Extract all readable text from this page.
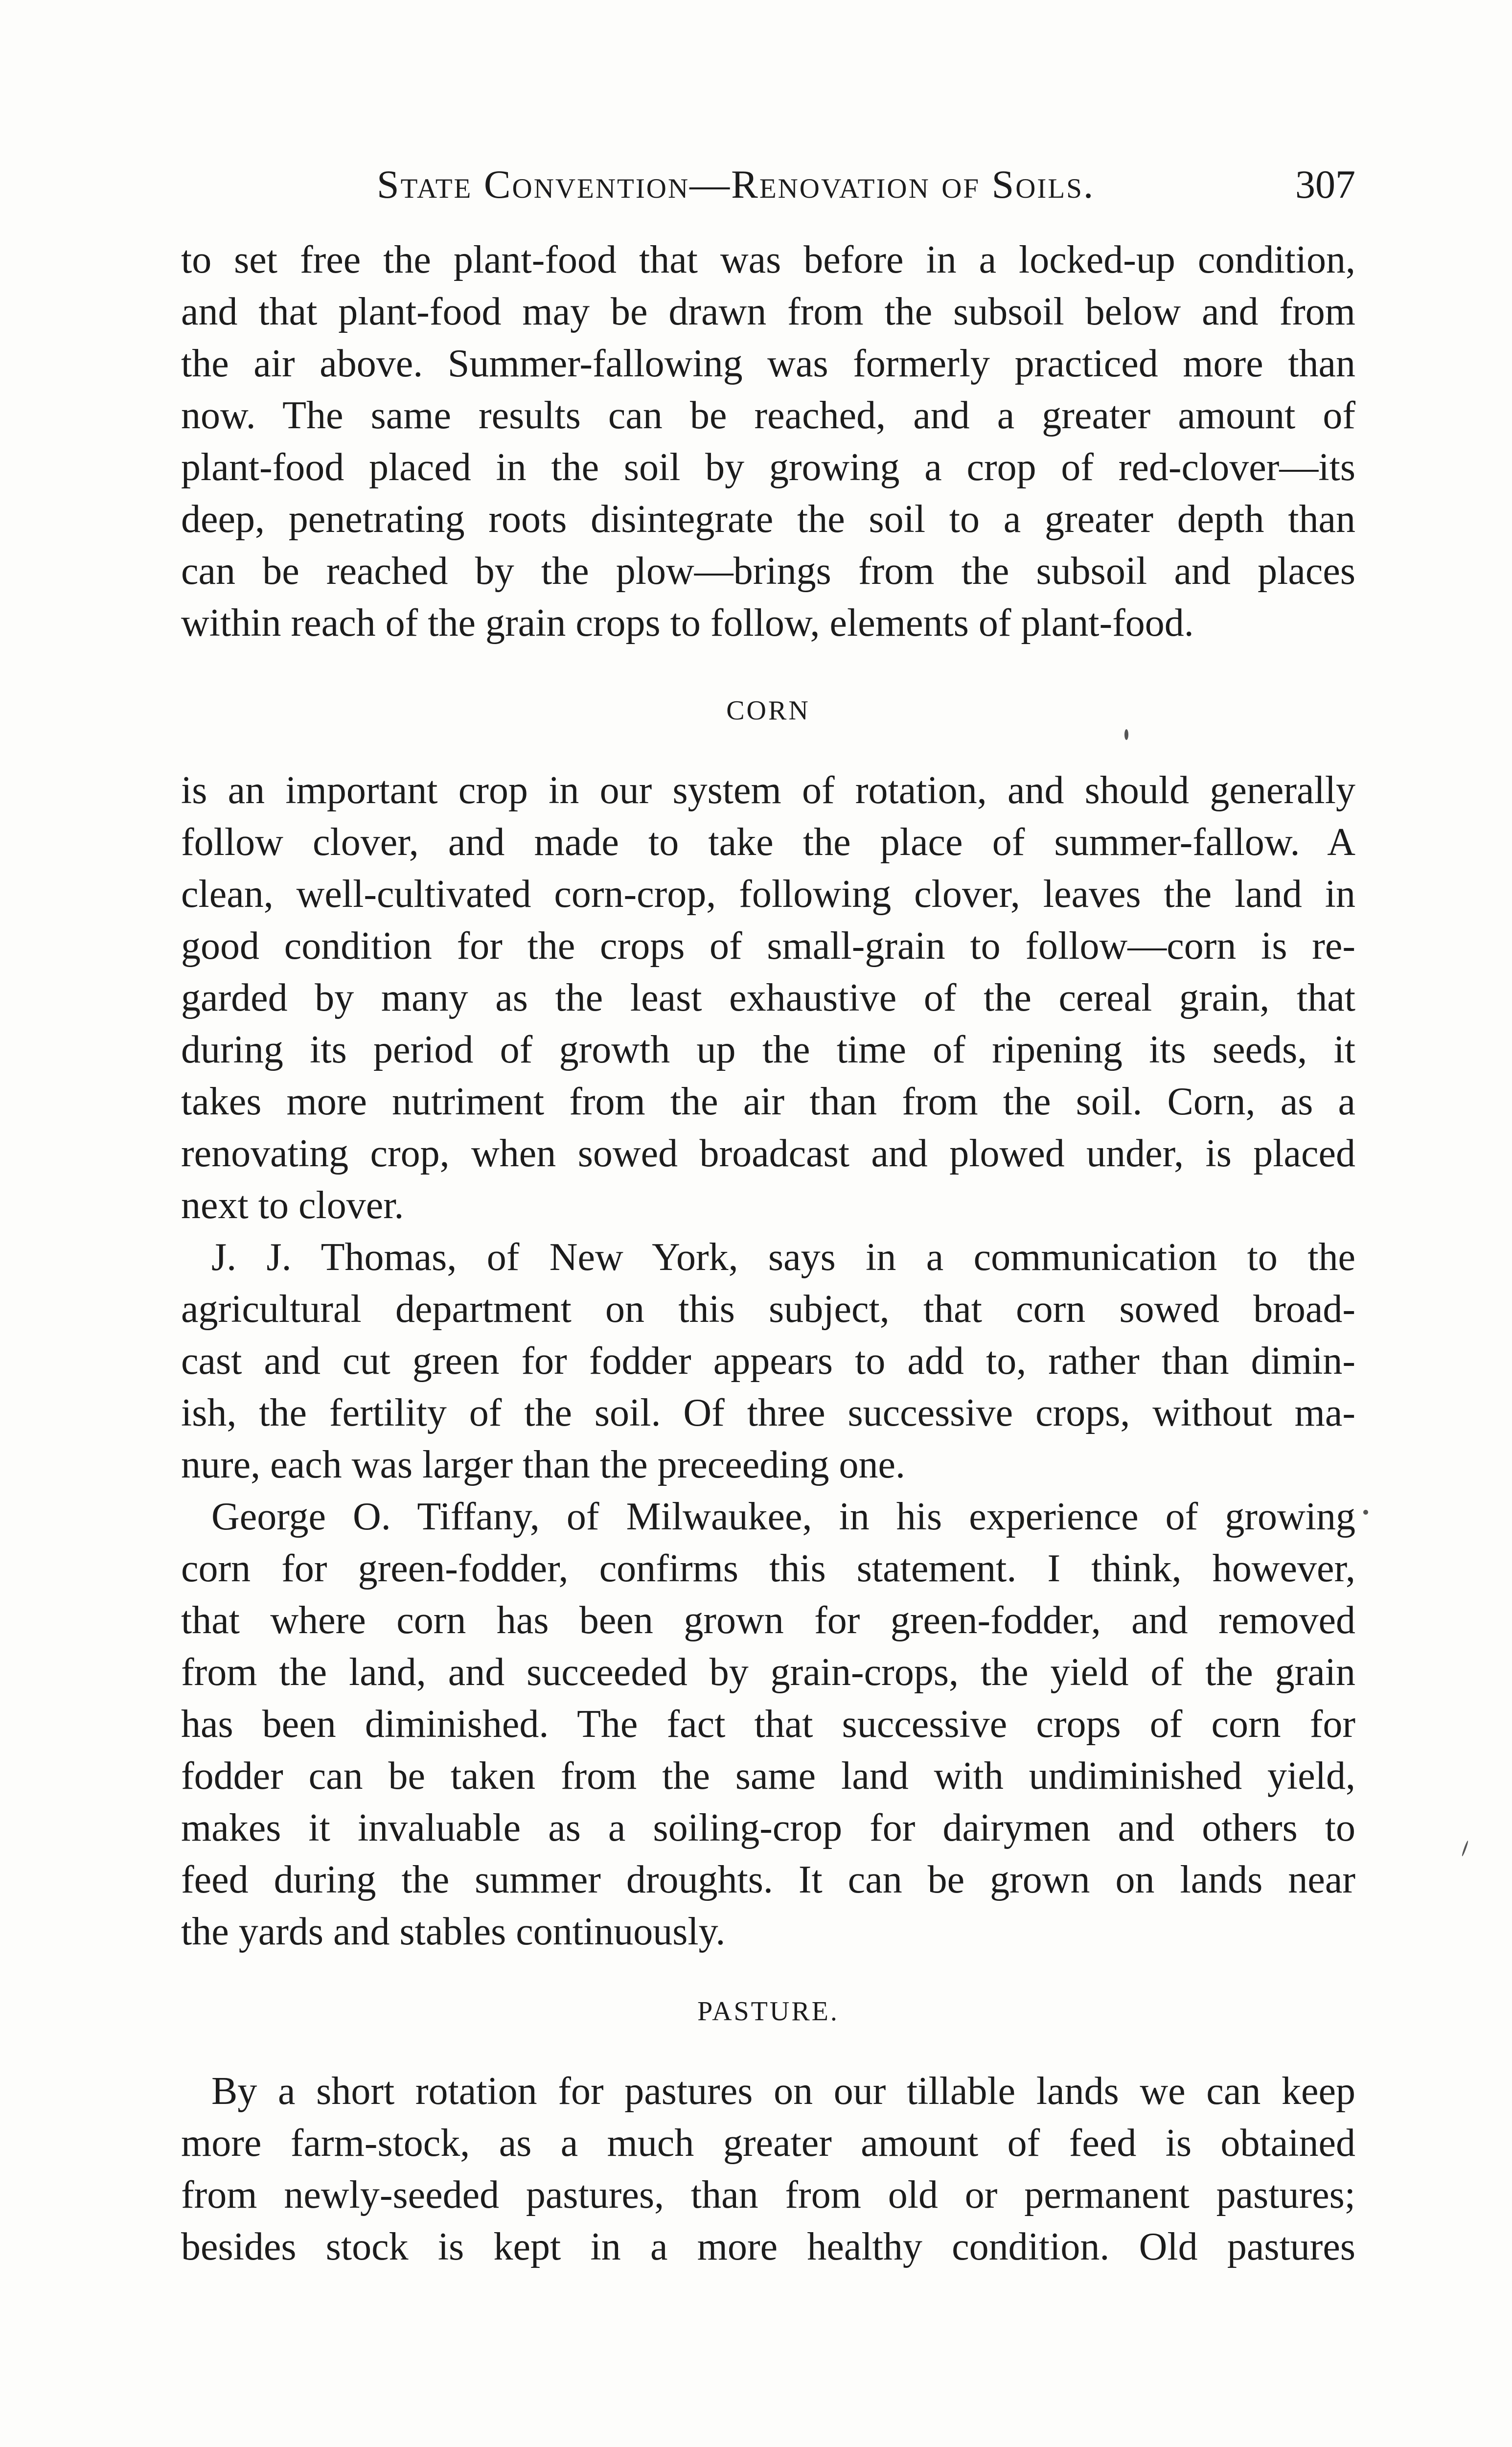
State Convention—Renovation of Soils.	307
to set free the plant-food that was before in a locked-up condition,
and that plant-food may be drawn from the subsoil below and from
the air above. Summer-fallowing was formerly practiced more than
now. The same results can be reached, and a greater amount of
plant-food placed in the soil by growing a crop of red-clover—its
deep, penetrating roots disintegrate the soil to a greater depth than
can be reached by the plow—brings from the subsoil and places
within reach of the grain crops to follow, elements of plant-food.
CORN
is an important crop in our system of rotation, and should generally
follow clover, and made to take the place of summer-fallow. A
clean, well-cultivated corn-crop, following clover, leaves the land in
good condition for the crops of small-grain to follow—corn is re-
garded by many as the least exhaustive of the cereal grain, that
during its period of growth up the time of ripening its seeds, it
takes more nutriment from the air than from the soil. Corn, as a
renovating crop, when sowed broadcast and plowed under, is placed
next to clover.
J. J. Thomas, of New York, says in a communication to the
agricultural department on this subject, that corn sowed broad-
cast and cut green for fodder appears to add to, rather than dimin-
ish, the fertility of the soil. Of three successive crops, without ma-
nure, each was larger than the preceeding one.
George O. Tiffany, of Milwaukee, in his experience of growing
corn for green-fodder, confirms this statement. I think, however,
that where corn has been grown for green-fodder, and removed
from the land, and succeeded by grain-crops, the yield of the grain
has been diminished. The fact that successive crops of corn for
fodder can be taken from the same land with undiminished yield,
makes it invaluable as a soiling-crop for dairymen and others to
feed during the summer droughts. It can be grown on lands near
the yards and stables continuously.
PASTURE.
By a short rotation for pastures on our tillable lands we can keep
more farm-stock, as a much greater amount of feed is obtained
from newly-seeded pastures, than from old or permanent pastures;
besides stock is kept in a more healthy condition. Old pastures
